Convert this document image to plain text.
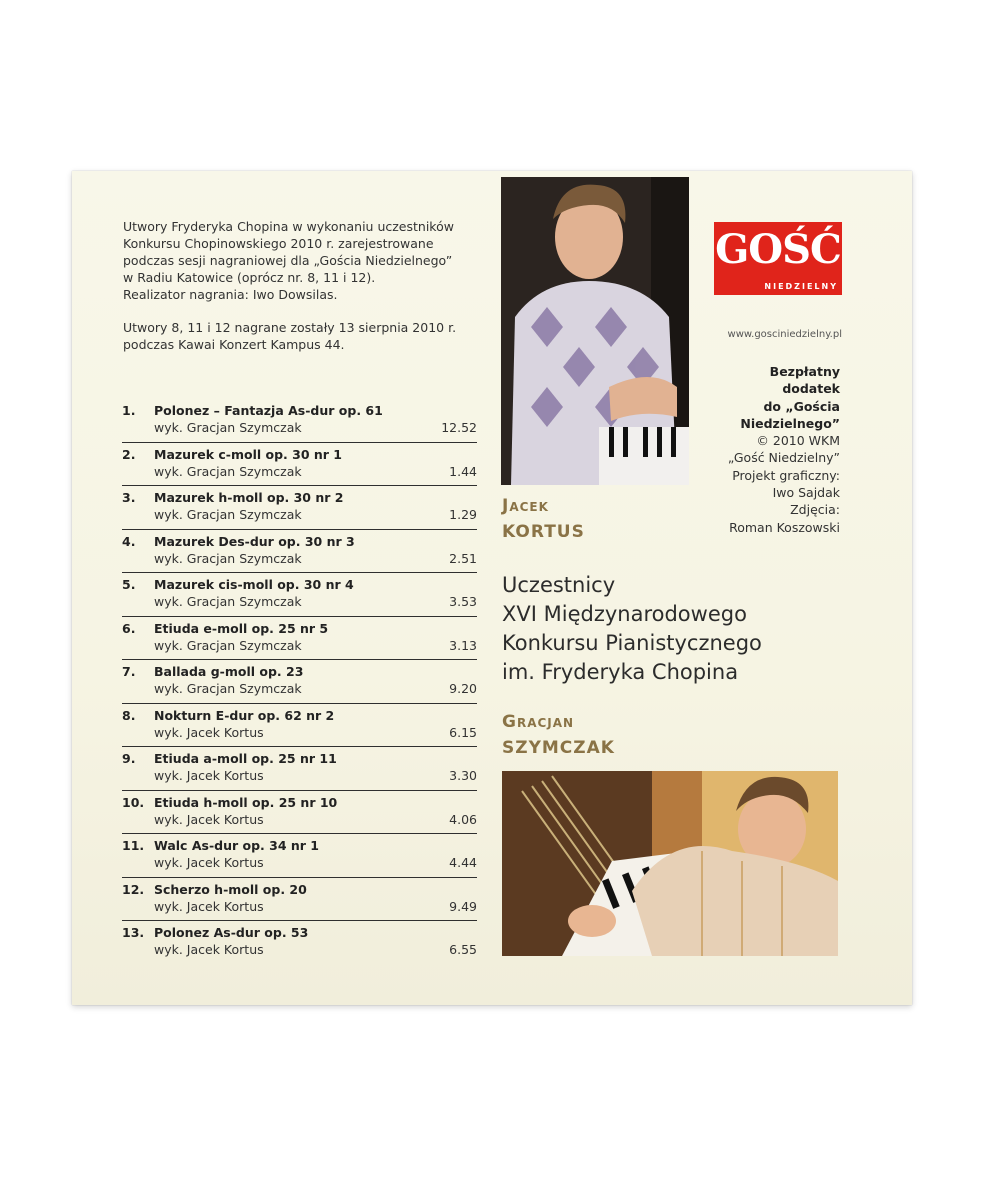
Utwory Fryderyka Chopina w wykonaniu uczestników
Konkursu Chopinowskiego 2010 r. zarejestrowane
podczas sesji nagraniowej dla „Gościa Niedzielnego”
w Radiu Katowice (oprócz nr. 8, 11 i 12).
Realizator nagrania: Iwo Dowsilas.

Utwory 8, 11 i 12 nagrane zostały 13 sierpnia 2010 r.
podczas Kawai Konzert Kampus 44.

1. Polonez – Fantazja As-dur op. 61
wyk. Gracjan Szymczak	12.52
2. Mazurek c-moll op. 30 nr 1
wyk. Gracjan Szymczak	1.44
3. Mazurek h-moll op. 30 nr 2
wyk. Gracjan Szymczak	1.29
4. Mazurek Des-dur op. 30 nr 3
wyk. Gracjan Szymczak	2.51
5. Mazurek cis-moll op. 30 nr 4
wyk. Gracjan Szymczak	3.53
6. Etiuda e-moll op. 25 nr 5
wyk. Gracjan Szymczak	3.13
7. Ballada g-moll op. 23
wyk. Gracjan Szymczak	9.20
8. Nokturn E-dur op. 62 nr 2
wyk. Jacek Kortus	6.15
9. Etiuda a-moll op. 25 nr 11
wyk. Jacek Kortus	3.30
10. Etiuda h-moll op. 25 nr 10
wyk. Jacek Kortus	4.06
11. Walc As-dur op. 34 nr 1
wyk. Jacek Kortus	4.44
12. Scherzo h-moll op. 20
wyk. Jacek Kortus	9.49
13. Polonez As-dur op. 53
wyk. Jacek Kortus	6.55
Jacek
KORTUS
Uczestnicy
XVI Międzynarodowego
Konkursu Pianistycznego
im. Fryderyka Chopina
Gracjan
SZYMCZAK
GOŚĆ
NIEDZIELNY
www.gosciniedzielny.pl
Bezpłatny
dodatek
do „Gościa
Niedzielnego”
© 2010 WKM
„Gość Niedzielny”
Projekt graficzny:
Iwo Sajdak
Zdjęcia:
Roman Koszowski
